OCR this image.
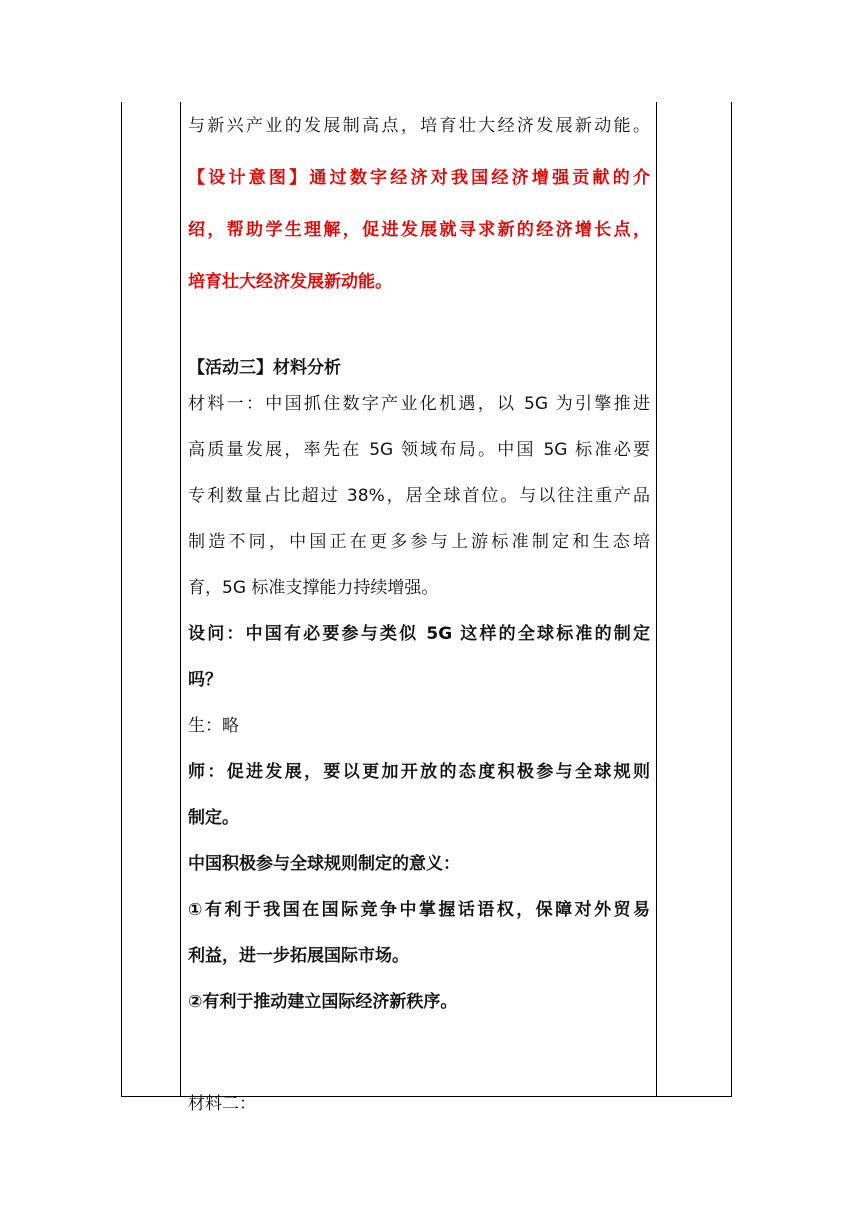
与新兴产业的发展制高点，培育壮大经济发展新动能。
【设计意图】通过数字经济对我国经济增强贡献的介
绍，帮助学生理解，促进发展就寻求新的经济增长点，
培育壮大经济发展新动能。
【活动三】材料分析
材料一：中国抓住数字产业化机遇，以 5G 为引擎推进
高质量发展，率先在 5G 领域布局。中国 5G 标准必要
专利数量占比超过 38%，居全球首位。与以往注重产品
制造不同，中国正在更多参与上游标准制定和生态培
育，5G 标准支撑能力持续增强。
设问：中国有必要参与类似 5G 这样的全球标准的制定
吗？
生：略
师：促进发展，要以更加开放的态度积极参与全球规则
制定。
中国积极参与全球规则制定的意义：
①有利于我国在国际竞争中掌握话语权，保障对外贸易
利益，进一步拓展国际市场。
②有利于推动建立国际经济新秩序。
材料二：
